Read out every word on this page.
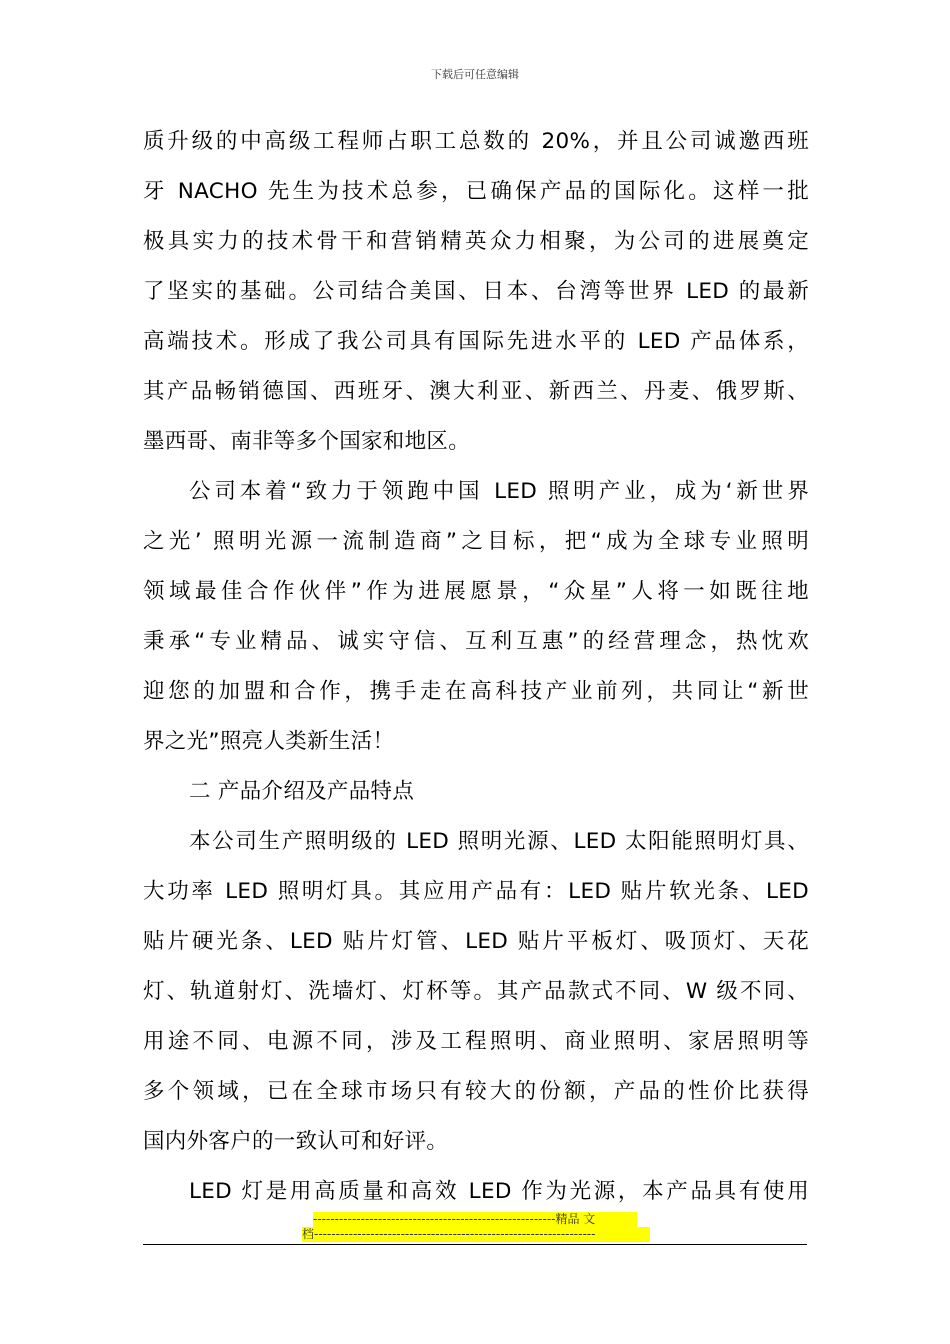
下载后可任意编辑
质升级的中高级工程师占职工总数的 20%，并且公司诚邀西班
牙 NACHO 先生为技术总参，已确保产品的国际化。这样一批
极具实力的技术骨干和营销精英众力相聚，为公司的进展奠定
了坚实的基础。公司结合美国、日本、台湾等世界 LED 的最新
高端技术。形成了我公司具有国际先进水平的 LED 产品体系，
其产品畅销德国、西班牙、澳大利亚、新西兰、丹麦、俄罗斯、
墨西哥、南非等多个国家和地区。
公司本着“致力于领跑中国 LED 照明产业，成为‘新世界
之光’ 照明光源一流制造商”之目标，把“成为全球专业照明
领域最佳合作伙伴”作为进展愿景，“众星”人将一如既往地
秉承“专业精品、诚实守信、互利互惠”的经营理念，热忱欢
迎您的加盟和合作，携手走在高科技产业前列，共同让“新世
界之光”照亮人类新生活！
二 产品介绍及产品特点
本公司生产照明级的 LED 照明光源、LED 太阳能照明灯具、
大功率 LED 照明灯具。其应用产品有：LED 贴片软光条、LED
贴片硬光条、LED 贴片灯管、LED 贴片平板灯、吸顶灯、天花
灯、轨道射灯、洗墙灯、灯杯等。其产品款式不同、W 级不同、
用途不同、电源不同，涉及工程照明、商业照明、家居照明等
多个领域，已在全球市场只有较大的份额，产品的性价比获得
国内外客户的一致认可和好评。
LED 灯是用高质量和高效 LED 作为光源，本产品具有使用
--------------------------------------------------------精品 文
档-----------------------------------------------------------------
